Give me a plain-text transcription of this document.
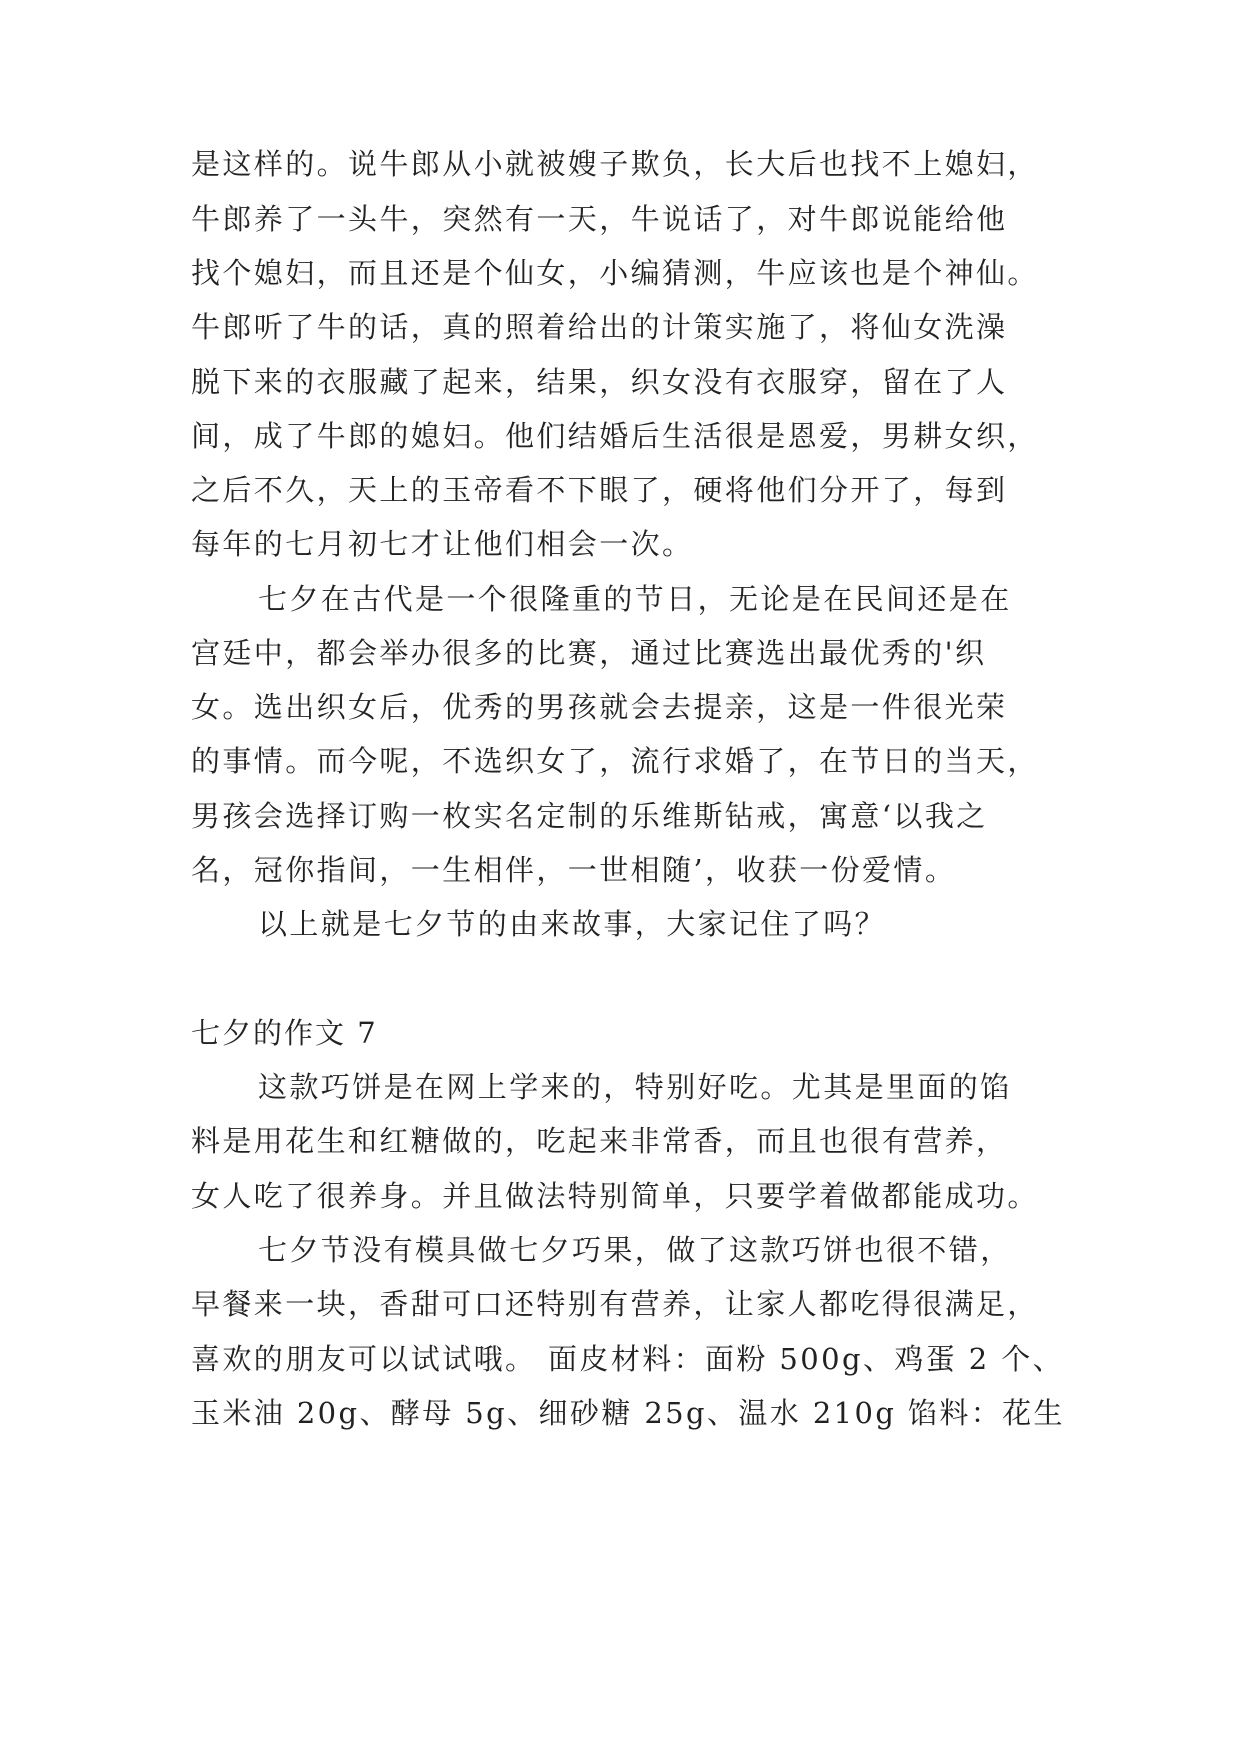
是这样的。说牛郎从小就被嫂子欺负，长大后也找不上媳妇，
牛郎养了一头牛，突然有一天，牛说话了，对牛郎说能给他
找个媳妇，而且还是个仙女，小编猜测，牛应该也是个神仙。
牛郎听了牛的话，真的照着给出的计策实施了，将仙女洗澡
脱下来的衣服藏了起来，结果，织女没有衣服穿，留在了人
间，成了牛郎的媳妇。他们结婚后生活很是恩爱，男耕女织，
之后不久，天上的玉帝看不下眼了，硬将他们分开了，每到
每年的七月初七才让他们相会一次。
七夕在古代是一个很隆重的节日，无论是在民间还是在
宫廷中，都会举办很多的比赛，通过比赛选出最优秀的'织
女。选出织女后，优秀的男孩就会去提亲，这是一件很光荣
的事情。而今呢，不选织女了，流行求婚了，在节日的当天，
男孩会选择订购一枚实名定制的乐维斯钻戒，寓意‘以我之
名，冠你指间，一生相伴，一世相随’，收获一份爱情。
以上就是七夕节的由来故事，大家记住了吗？
七夕的作文 7
这款巧饼是在网上学来的，特别好吃。尤其是里面的馅
料是用花生和红糖做的，吃起来非常香，而且也很有营养，
女人吃了很养身。并且做法特别简单，只要学着做都能成功。
七夕节没有模具做七夕巧果，做了这款巧饼也很不错，
早餐来一块，香甜可口还特别有营养，让家人都吃得很满足，
喜欢的朋友可以试试哦。 面皮材料：面粉 500g、鸡蛋 2 个、
玉米油 20g、酵母 5g、细砂糖 25g、温水 210g 馅料：花生
